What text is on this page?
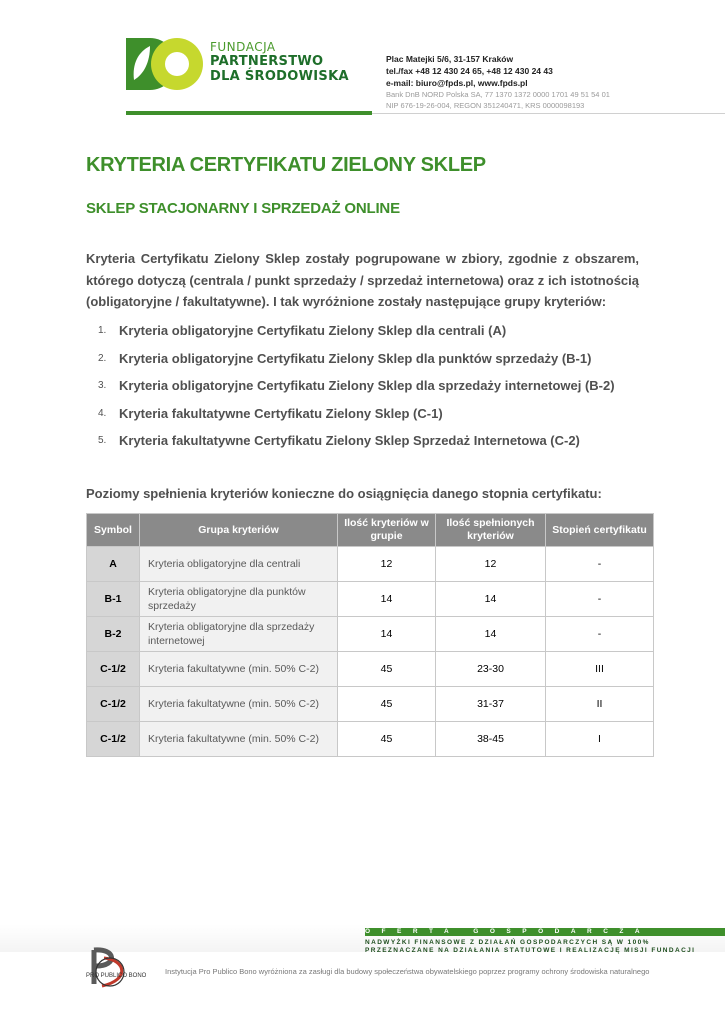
FUNDACJA
PARTNERSTWO
DLA ŚRODOWISKA
Plac Matejki 5/6, 31-157 Kraków
tel./fax +48 12 430 24 65, +48 12 430 24 43
e-mail: biuro@fpds.pl, www.fpds.pl
Bank DnB NORD Polska SA, 77 1370 1372 0000 1701 49 51 54 01
NIP 676-19-26-004, REGON 351240471, KRS 0000098193
KRYTERIA CERTYFIKATU ZIELONY SKLEP
SKLEP STACJONARNY I SPRZEDAŻ ONLINE

Kryteria Certyfikatu Zielony Sklep zostały pogrupowane w zbiory, zgodnie z obszarem, którego dotyczą (centrala / punkt sprzedaży / sprzedaż internetowa) oraz z ich istotnością (obligatoryjne / fakultatywne). I tak wyróżnione zostały następujące grupy kryteriów:

1. Kryteria obligatoryjne Certyfikatu Zielony Sklep dla centrali (A)
2. Kryteria obligatoryjne Certyfikatu Zielony Sklep dla punktów sprzedaży (B-1)
3. Kryteria obligatoryjne Certyfikatu Zielony Sklep dla sprzedaży internetowej (B-2)
4. Kryteria fakultatywne Certyfikatu Zielony Sklep (C-1)
5. Kryteria fakultatywne Certyfikatu Zielony Sklep Sprzedaż Internetowa (C-2)
Poziomy spełnienia kryteriów konieczne do osiągnięcia danego stopnia certyfikatu:
Symbol	Grupa kryteriów	Ilość kryteriów w grupie	Ilość spełnionych kryteriów	Stopień certyfikatu
A	Kryteria obligatoryjne dla centrali	12	12	-
B-1	Kryteria obligatoryjne dla punktów sprzedaży	14	14	-
B-2	Kryteria obligatoryjne dla sprzedaży internetowej	14	14	-
C-1/2	Kryteria fakultatywne (min. 50% C-2)	45	23-30	III
C-1/2	Kryteria fakultatywne (min. 50% C-2)	45	31-37	II
C-1/2	Kryteria fakultatywne (min. 50% C-2)	45	38-45	I
OFERTA GOSPODARCZA
NADWYŻKI FINANSOWE Z DZIAŁAŃ GOSPODARCZYCH SĄ W 100%
PRZEZNACZANE NA DZIAŁANIA STATUTOWE I REALIZACJĘ MISJI FUNDACJI
PRO PUBLICO BONO Instytucja Pro Publico Bono wyróżniona za zasługi dla budowy społeczeństwa obywatelskiego poprzez programy ochrony środowiska naturalnego
